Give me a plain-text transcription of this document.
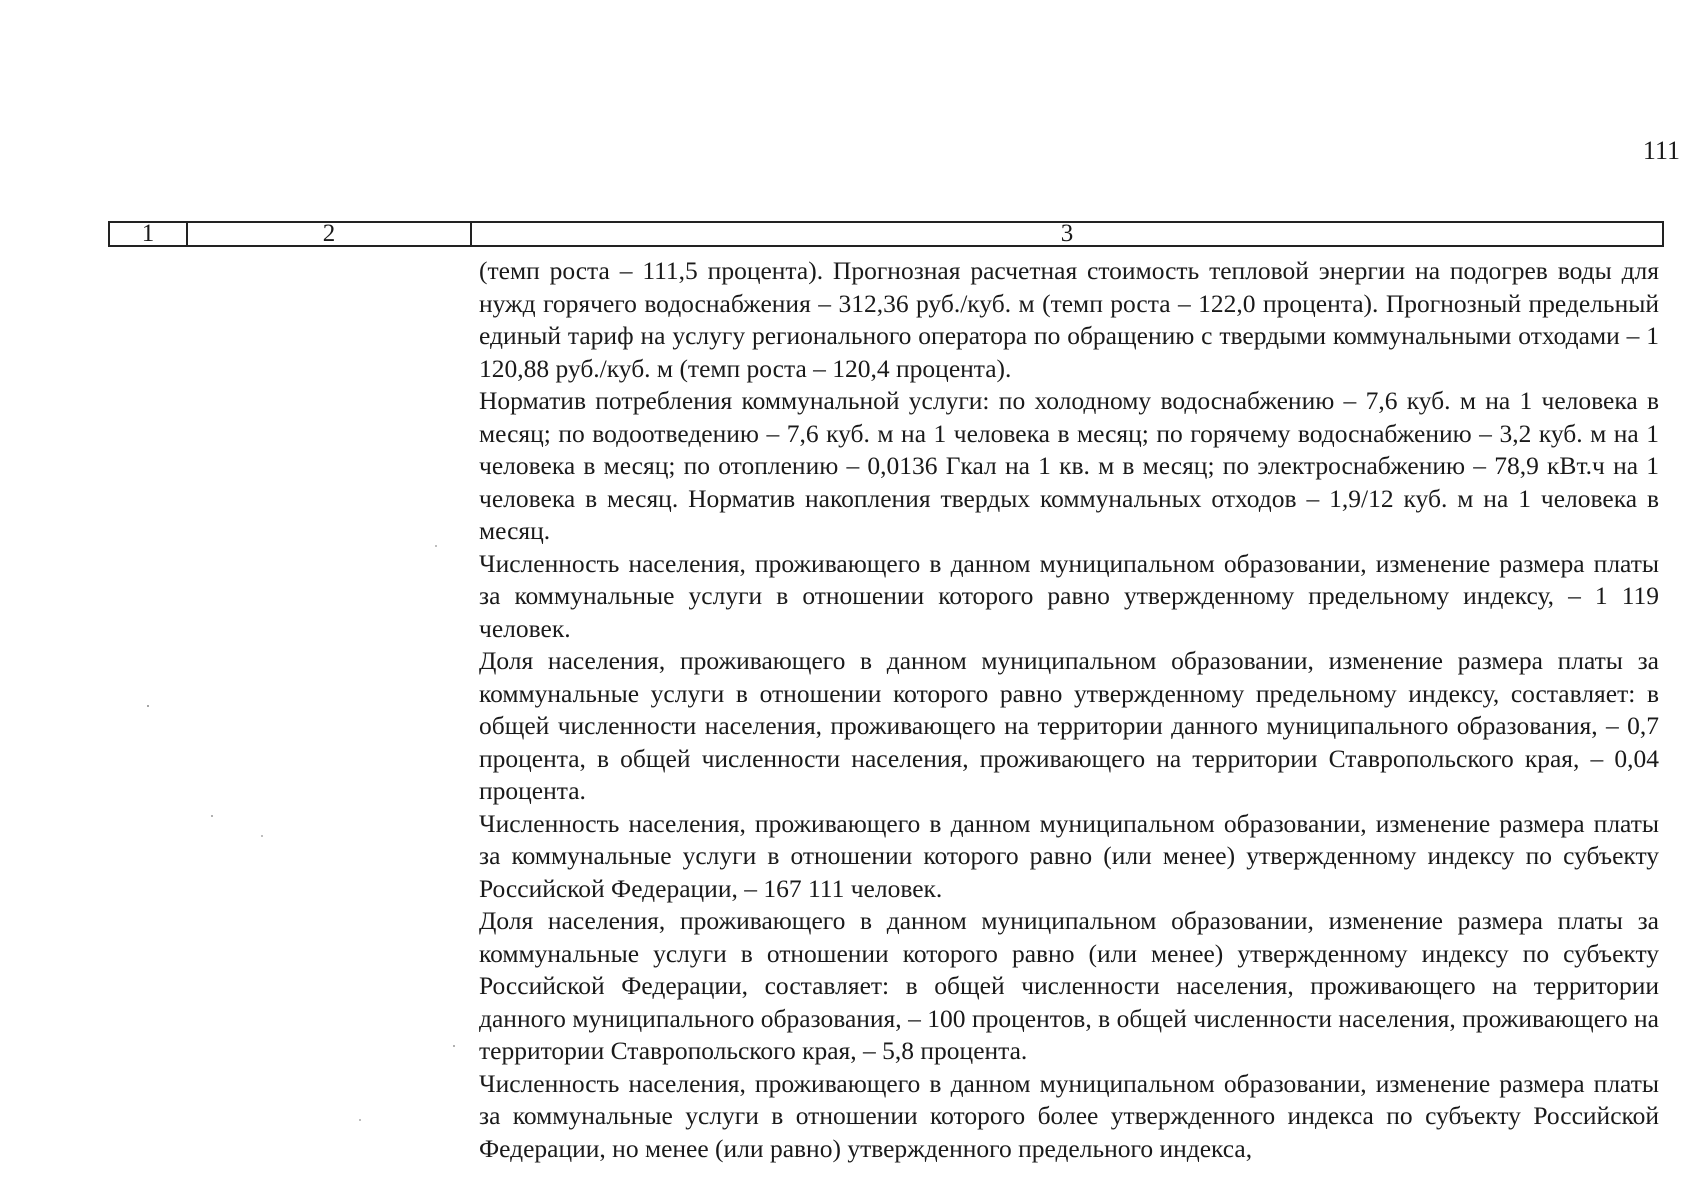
111
1	2	3

(темп роста – 111,5 процента). Прогнозная расчетная стоимость тепловой энергии на подогрев воды для нужд горячего водоснабжения – 312,36 руб./куб. м (темп роста – 122,0 процента). Прогнозный предельный единый тариф на услугу регионального оператора по обращению с твердыми коммунальными отходами – 1 120,88 руб./куб. м (темп роста – 120,4 процента).

Норматив потребления коммунальной услуги: по холодному водоснабжению – 7,6 куб. м на 1 человека в месяц; по водоотведению – 7,6 куб. м на 1 человека в месяц; по горячему водоснабжению – 3,2 куб. м на 1 человека в месяц; по отоплению – 0,0136 Гкал на 1 кв. м в месяц; по электроснабжению – 78,9 кВт.ч на 1 человека в месяц. Норматив накопления твердых коммунальных отходов – 1,9/12 куб. м на 1 человека в месяц.

Численность населения, проживающего в данном муниципальном образовании, изменение размера платы за коммунальные услуги в отношении которого равно утвержденному предельному индексу, – 1 119 человек.

Доля населения, проживающего в данном муниципальном образовании, изменение размера платы за коммунальные услуги в отношении которого равно утвержденному предельному индексу, составляет: в общей численности населения, проживающего на территории данного муниципального образования, – 0,7 процента, в общей численности населения, проживающего на территории Ставропольского края, – 0,04 процента.

Численность населения, проживающего в данном муниципальном образовании, изменение размера платы за коммунальные услуги в отношении которого равно (или менее) утвержденному индексу по субъекту Российской Федерации, – 167 111 человек.

Доля населения, проживающего в данном муниципальном образовании, изменение размера платы за коммунальные услуги в отношении которого равно (или менее) утвержденному индексу по субъекту Российской Федерации, составляет: в общей численности населения, проживающего на территории данного муниципального образования, – 100 процентов, в общей численности населения, проживающего на территории Ставропольского края, – 5,8 процента.

Численность населения, проживающего в данном муниципальном образовании, изменение размера платы за коммунальные услуги в отношении которого более утвержденного индекса по субъекту Российской Федерации, но менее (или равно) утвержденного предельного индекса,
